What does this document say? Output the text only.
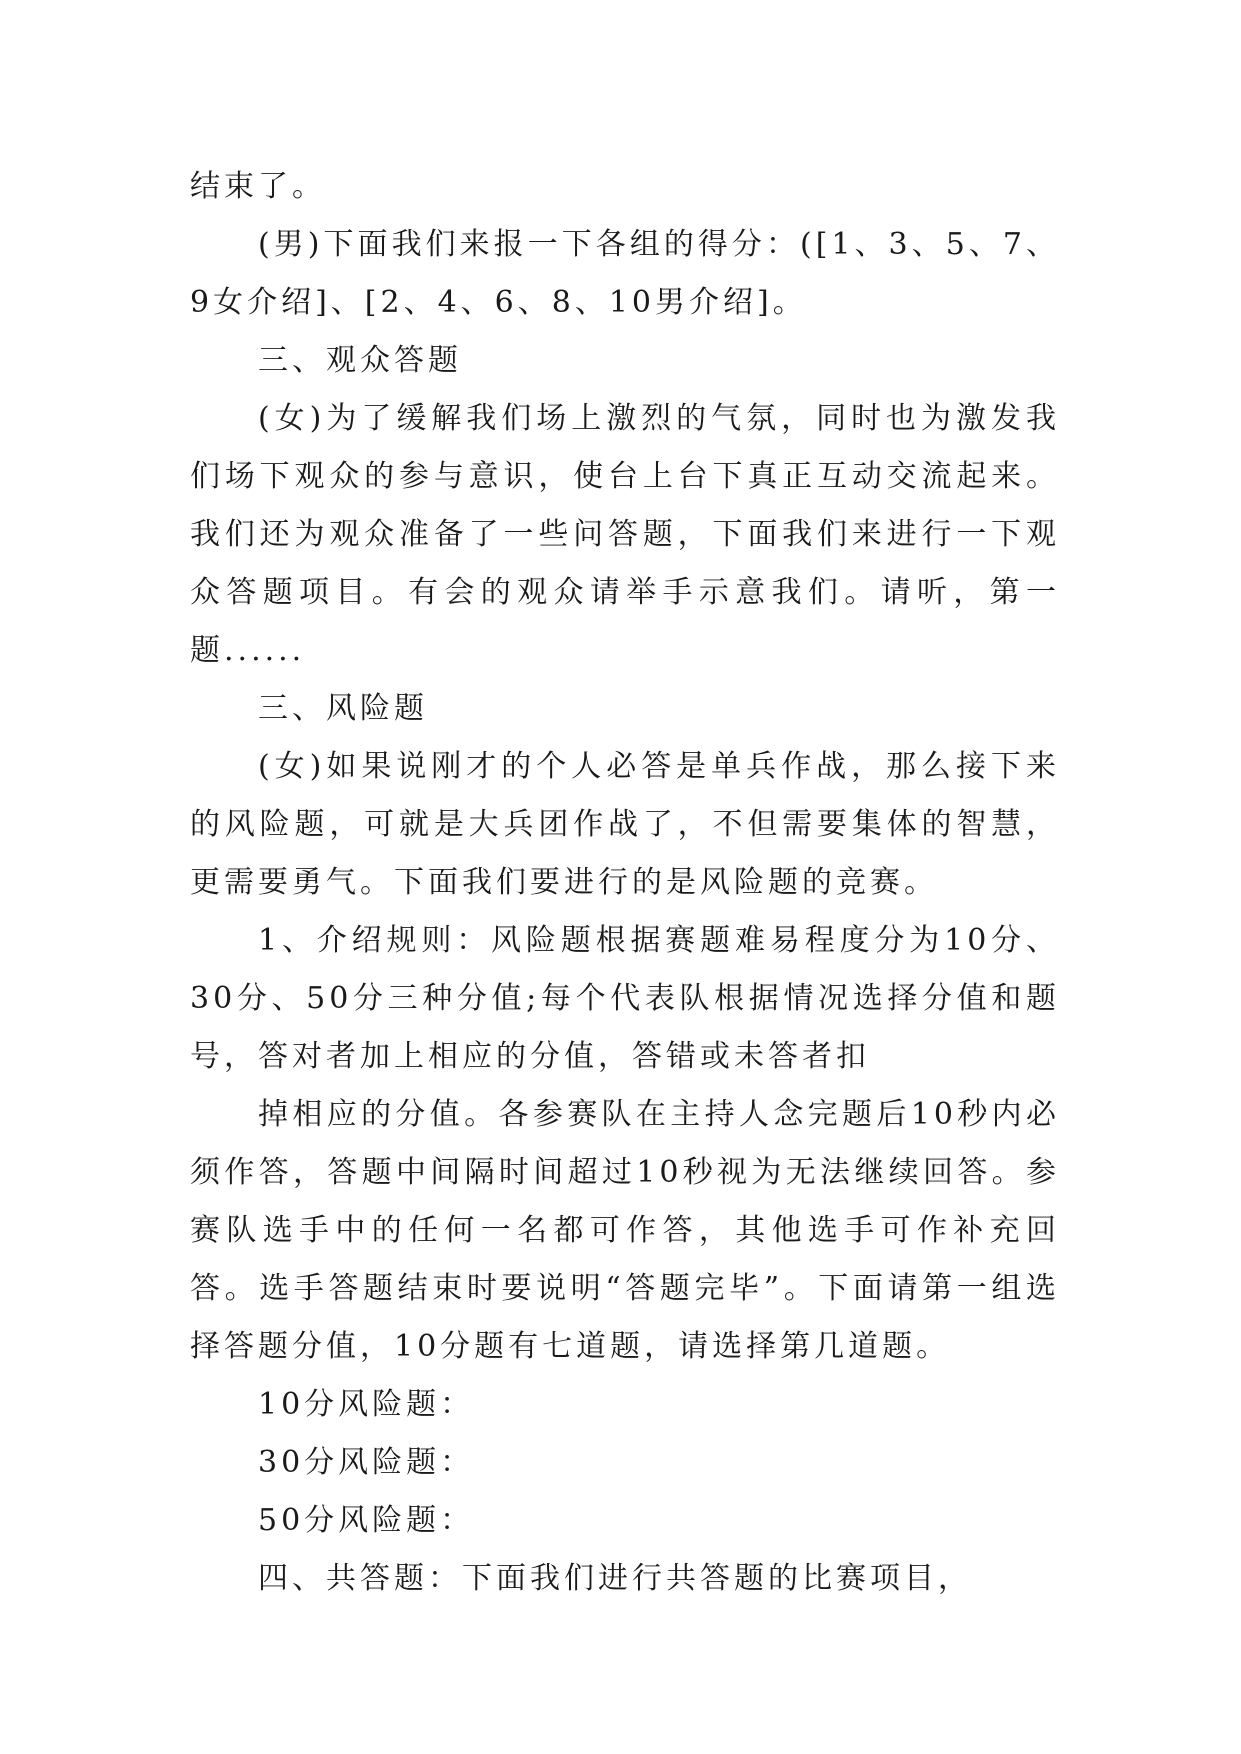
结束了。

(男)下面我们来报一下各组的得分：([1、3、5、7、9女介绍]、[2、4、6、8、10男介绍]。

三、观众答题

(女)为了缓解我们场上激烈的气氛，同时也为激发我们场下观众的参与意识，使台上台下真正互动交流起来。我们还为观众准备了一些问答题，下面我们来进行一下观众答题项目。有会的观众请举手示意我们。请听，第一题......

三、风险题

(女)如果说刚才的个人必答是单兵作战，那么接下来的风险题，可就是大兵团作战了，不但需要集体的智慧，更需要勇气。下面我们要进行的是风险题的竞赛。

1、介绍规则：风险题根据赛题难易程度分为10分、30分、50分三种分值;每个代表队根据情况选择分值和题号，答对者加上相应的分值，答错或未答者扣

掉相应的分值。各参赛队在主持人念完题后10秒内必须作答，答题中间隔时间超过10秒视为无法继续回答。参赛队选手中的任何一名都可作答，其他选手可作补充回答。选手答题结束时要说明“答题完毕”。下面请第一组选择答题分值，10分题有七道题，请选择第几道题。

10分风险题：

30分风险题：

50分风险题：

四、共答题：下面我们进行共答题的比赛项目，
